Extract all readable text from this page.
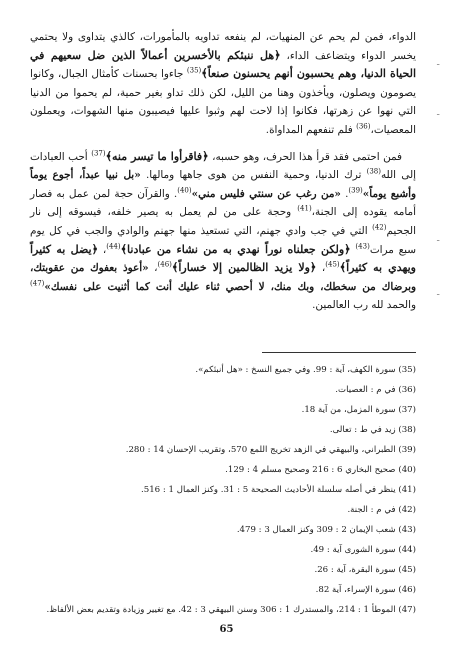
الدواء، فمن لم يحم عن المنهيات، لم ينفعه تداويه بالمأمورات، كالذي يتداوى ولا يحتمي يخسر الدواء ويتضاعف الداء، ﴿هل ننبئكم بالأخسرين أعمالاً الذين ضل سعيهم في الحياة الدنيا، وهم يحسبون أنهم يحسنون صنعاً﴾$^{(35)}$ جاءوا بحسنات كأمثال الجبال، وكانوا يصومون ويصلون، ويأخذون وهنا من الليل، لكن ذلك تداو بغير حمية، لم يحموا من الدنيا التي نهوا عن زهرتها، فكانوا إذا لاحت لهم وثبوا عليها فيصيبون منها الشهوات، ويعملون المعصيات،$^{(36)}$ فلم تنفعهم المداواة.

فمن احتمى فقد قرأ هذا الحرف، وهو حسبه، ﴿فاقرأوا ما تيسر منه﴾$^{(37)}$ أحب العبادات إلى الله$^{(38)}$ ترك الدنيا، وحمية النفس من هوى جاهها ومالها. «بل نبيا عبداً، أجوع يوماً وأشبع يوماً»$^{(39)}$. «من رغب عن سنتي فليس مني»$^{(40)}$. والقرآن حجة لمن عمل به فصار أمامه يقوده إلى الجنة،$^{(41)}$ وحجة على من لم يعمل به يصير خلفه، فيسوقه إلى نار الجحيم$^{(42)}$ التي في جب وادي جهنم، التي تستعيذ منها جهنم والوادي والجب في كل يوم سبع مرات$^{(43)}$ ﴿ولكن جعلناه نوراً نهدي به من نشاء من عبادنا﴾$^{(44)}$، ﴿يضل به كثيراً ويهدي به كثيراً﴾$^{(45)}$، ﴿ولا يزيد الظالمين إلا خساراً﴾$^{(46)}$، «أعوذ بعفوك من عقوبتك، وبرضاك من سخطك، وبك منك، لا أحصي ثناء عليك أنت كما أثنيت على نفسك»$^{(47)}$ والحمد لله رب العالمين.

(35) سورة الكهف، آية : 99. وفي جميع النسخ : «هل أنبئكم».
(36) في م : العصيات.
(37) سورة المزمل، من آية 18.
(38) زيد في ط : تعالى.
(39) الطبراني، والبيهقي في الزهد تخريج اللمع 570، وتقريب الإحسان 14 : 280.
(40) صحيح البخاري 6 : 216 وصحيح مسلم 4 : 129.
(41) ينظر في أصله سلسلة الأحاديث الصحيحة 5 : 31. وكنز العمال 1 : 516.
(42) في م : الجنة.
(43) شعب الإيمان 2 : 309 وكنز العمال 3 : 479.
(44) سورة الشورى آية : 49.
(45) سورة البقرة، آية : 26.
(46) سورة الإسراء، آية 82.
(47) الموطأ 1 : 214، والمستدرك 1 : 306 وسنن البيهقي 3 : 42. مع تغيير وزيادة وتقديم بعض الألفاظ.
ـ
ـ
ـ
ـ
65
